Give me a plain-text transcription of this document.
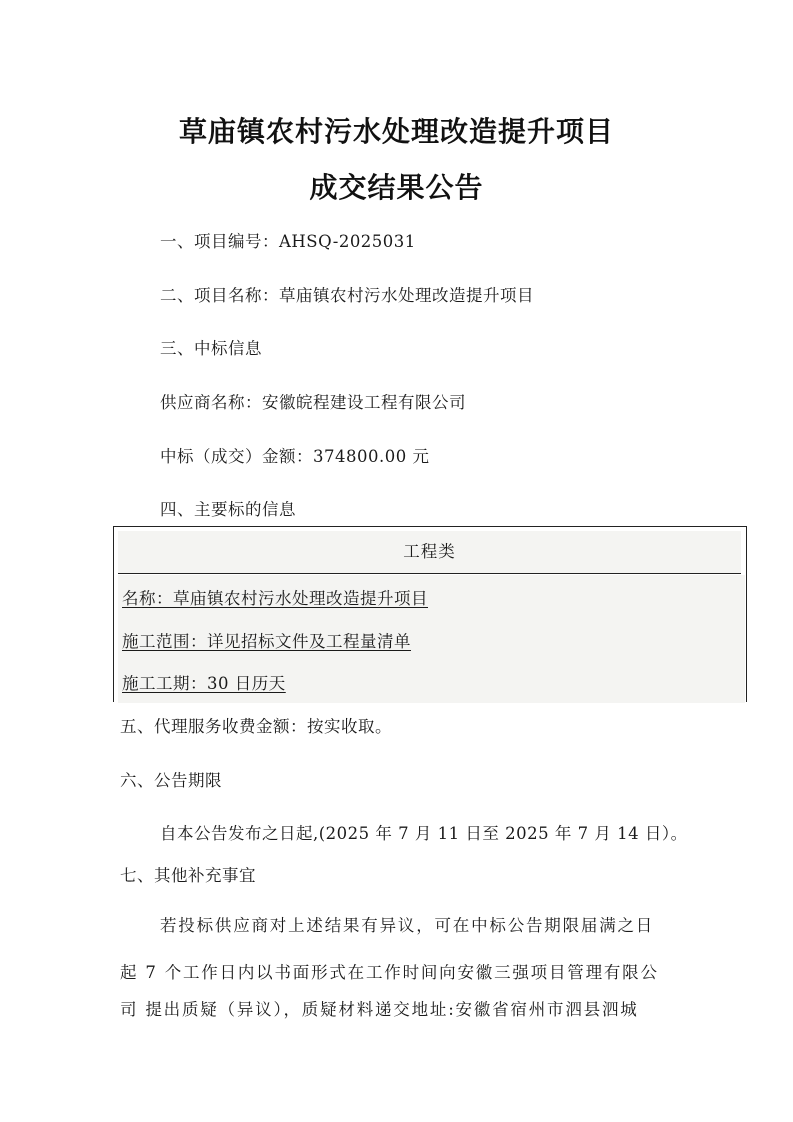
草庙镇农村污水处理改造提升项目
成交结果公告
一、项目编号：AHSQ-2025031
二、项目名称：草庙镇农村污水处理改造提升项目
三、中标信息
供应商名称：安徽皖程建设工程有限公司
中标（成交）金额：374800.00 元
四、主要标的信息
工程类
名称：草庙镇农村污水处理改造提升项目
施工范围：详见招标文件及工程量清单
施工工期：30 日历天
五、代理服务收费金额：按实收取。
六、公告期限
自本公告发布之日起,(2025 年 7 月 11 日至 2025 年 7 月 14 日）。
七、其他补充事宜
若投标供应商对上述结果有异议，可在中标公告期限届满之日
起 7 个工作日内以书面形式在工作时间向安徽三强项目管理有限公
司 提出质疑（异议），质疑材料递交地址:安徽省宿州市泗县泗城
